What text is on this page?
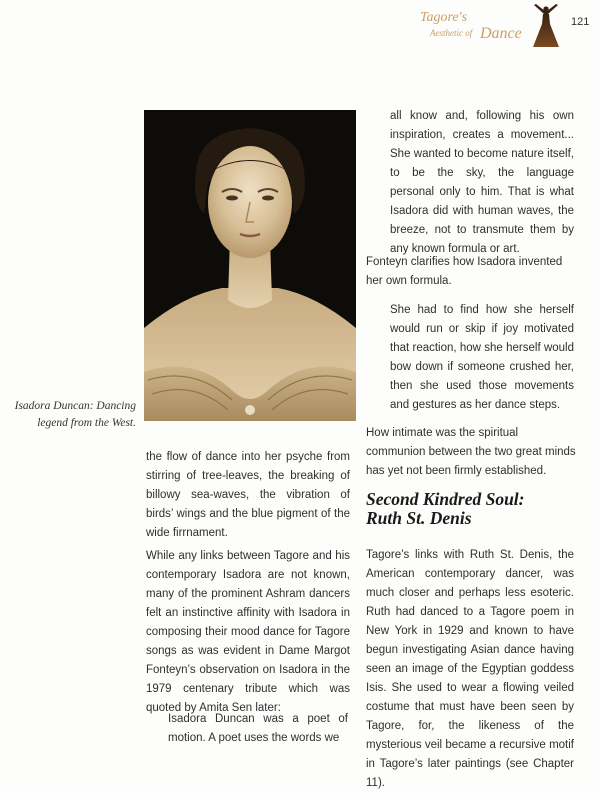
Tagore's
Aesthetic of Dance
121
Isadora Duncan: Dancing legend from the West.
the flow of dance into her psyche from stirring of tree-leaves, the breaking of billowy sea-waves, the vibration of birds’ wings and the blue pigment of the wide firrnament.
While any links between Tagore and his contemporary Isadora are not known, many of the prominent Ashram dancers felt an instinctive affinity with Isadora in composing their mood dance for Tagore songs as was evident in Dame Margot Fonteyn’s observation on Isadora in the 1979 centenary tribute which was quoted by Amita Sen later:
Isadora Duncan was a poet of motion. A poet uses the words we
all know and, following his own inspiration, creates a movement... She wanted to become nature itself, to be the sky, the language personal only to him. That is what Isadora did with human waves, the breeze, not to transmute them by any known formula or art.
Fonteyn clarifies how Isadora invented her own formula.
She had to find how she herself would run or skip if joy motivated that reaction, how she herself would bow down if someone crushed her, then she used those movements and gestures as her dance steps.
How intimate was the spiritual communion between the two great minds has yet not been firmly established.
Second Kindred Soul:
Ruth St. Denis
Tagore’s links with Ruth St. Denis, the American contemporary dancer, was much closer and perhaps less esoteric. Ruth had danced to a Tagore poem in New York in 1929 and known to have begun investigating Asian dance having seen an image of the Egyptian goddess Isis. She used to wear a flowing veiled costume that must have been seen by Tagore, for, the likeness of the mysterious veil became a recursive motif in Tagore’s later paintings (see Chapter 11).
